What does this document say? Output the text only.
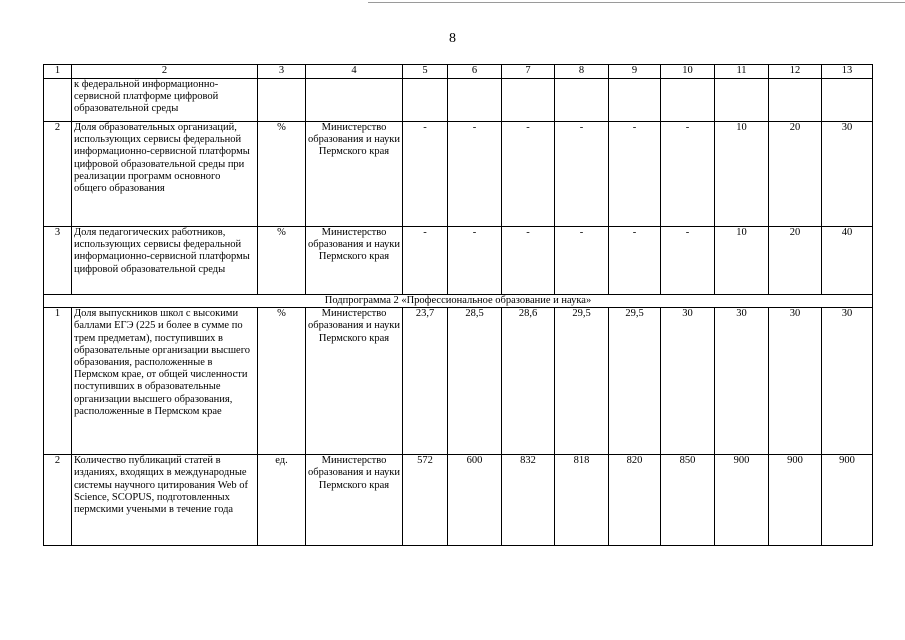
8
1	2	3	4	5	6	7	8	9	10	11	12	13
	к федеральной информационно-сервисной платформе цифровой образовательной среды											
2	Доля образовательных организаций, использующих сервисы федеральной информационно-сервисной платформы цифровой образовательной среды при реализации программ основного общего образования	%	Министерство образования и науки Пермского края	-	-	-	-	-	-	10	20	30
3	Доля педагогических работников, использующих сервисы федеральной информационно-сервисной платформы цифровой образовательной среды	%	Министерство образования и науки Пермского края	-	-	-	-	-	-	10	20	40
Подпрограмма 2 «Профессиональное образование и наука»												
1	Доля выпускников школ с высокими баллами ЕГЭ (225 и более в сумме по трем предметам), поступивших в образовательные организации высшего образования, расположенные в Пермском крае, от общей численности поступивших в образовательные организации высшего образования, расположенные в Пермском крае	%	Министерство образования и науки Пермского края	23,7	28,5	28,6	29,5	29,5	30	30	30	30
2	Количество публикаций статей в изданиях, входящих в международные системы научного цитирования Web of Science, SCOPUS, подготовленных пермскими учеными в течение года	ед.	Министерство образования и науки Пермского края	572	600	832	818	820	850	900	900	900
